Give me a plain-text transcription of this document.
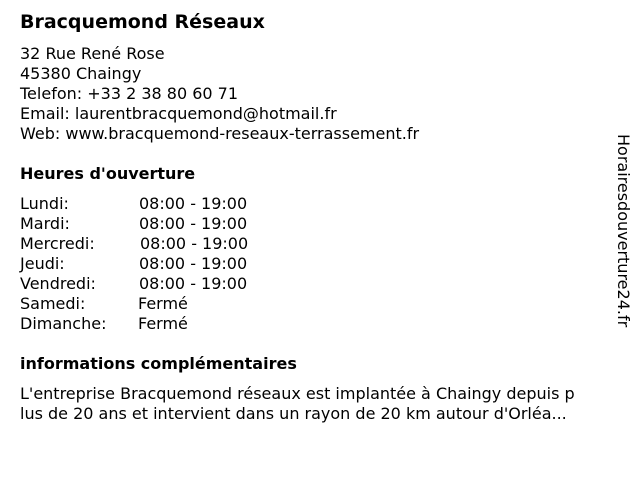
Bracquemond Réseaux
32 Rue René Rose
45380 Chaingy
Telefon: +33 2 38 80 60 71
Email: laurentbracquemond@hotmail.fr
Web: www.bracquemond-reseaux-terrassement.fr
Heures d'ouverture
Lundi:	08:00 - 19:00
Mardi:	08:00 - 19:00
Mercredi:	08:00 - 19:00
Jeudi:	08:00 - 19:00
Vendredi:	08:00 - 19:00
Samedi:	Fermé
Dimanche: Fermé
informations complémentaires
L'entreprise Bracquemond réseaux est implantée à Chaingy depuis p
lus de 20 ans et intervient dans un rayon de 20 km autour d'Orléa...
Horairesdouverture24.fr
